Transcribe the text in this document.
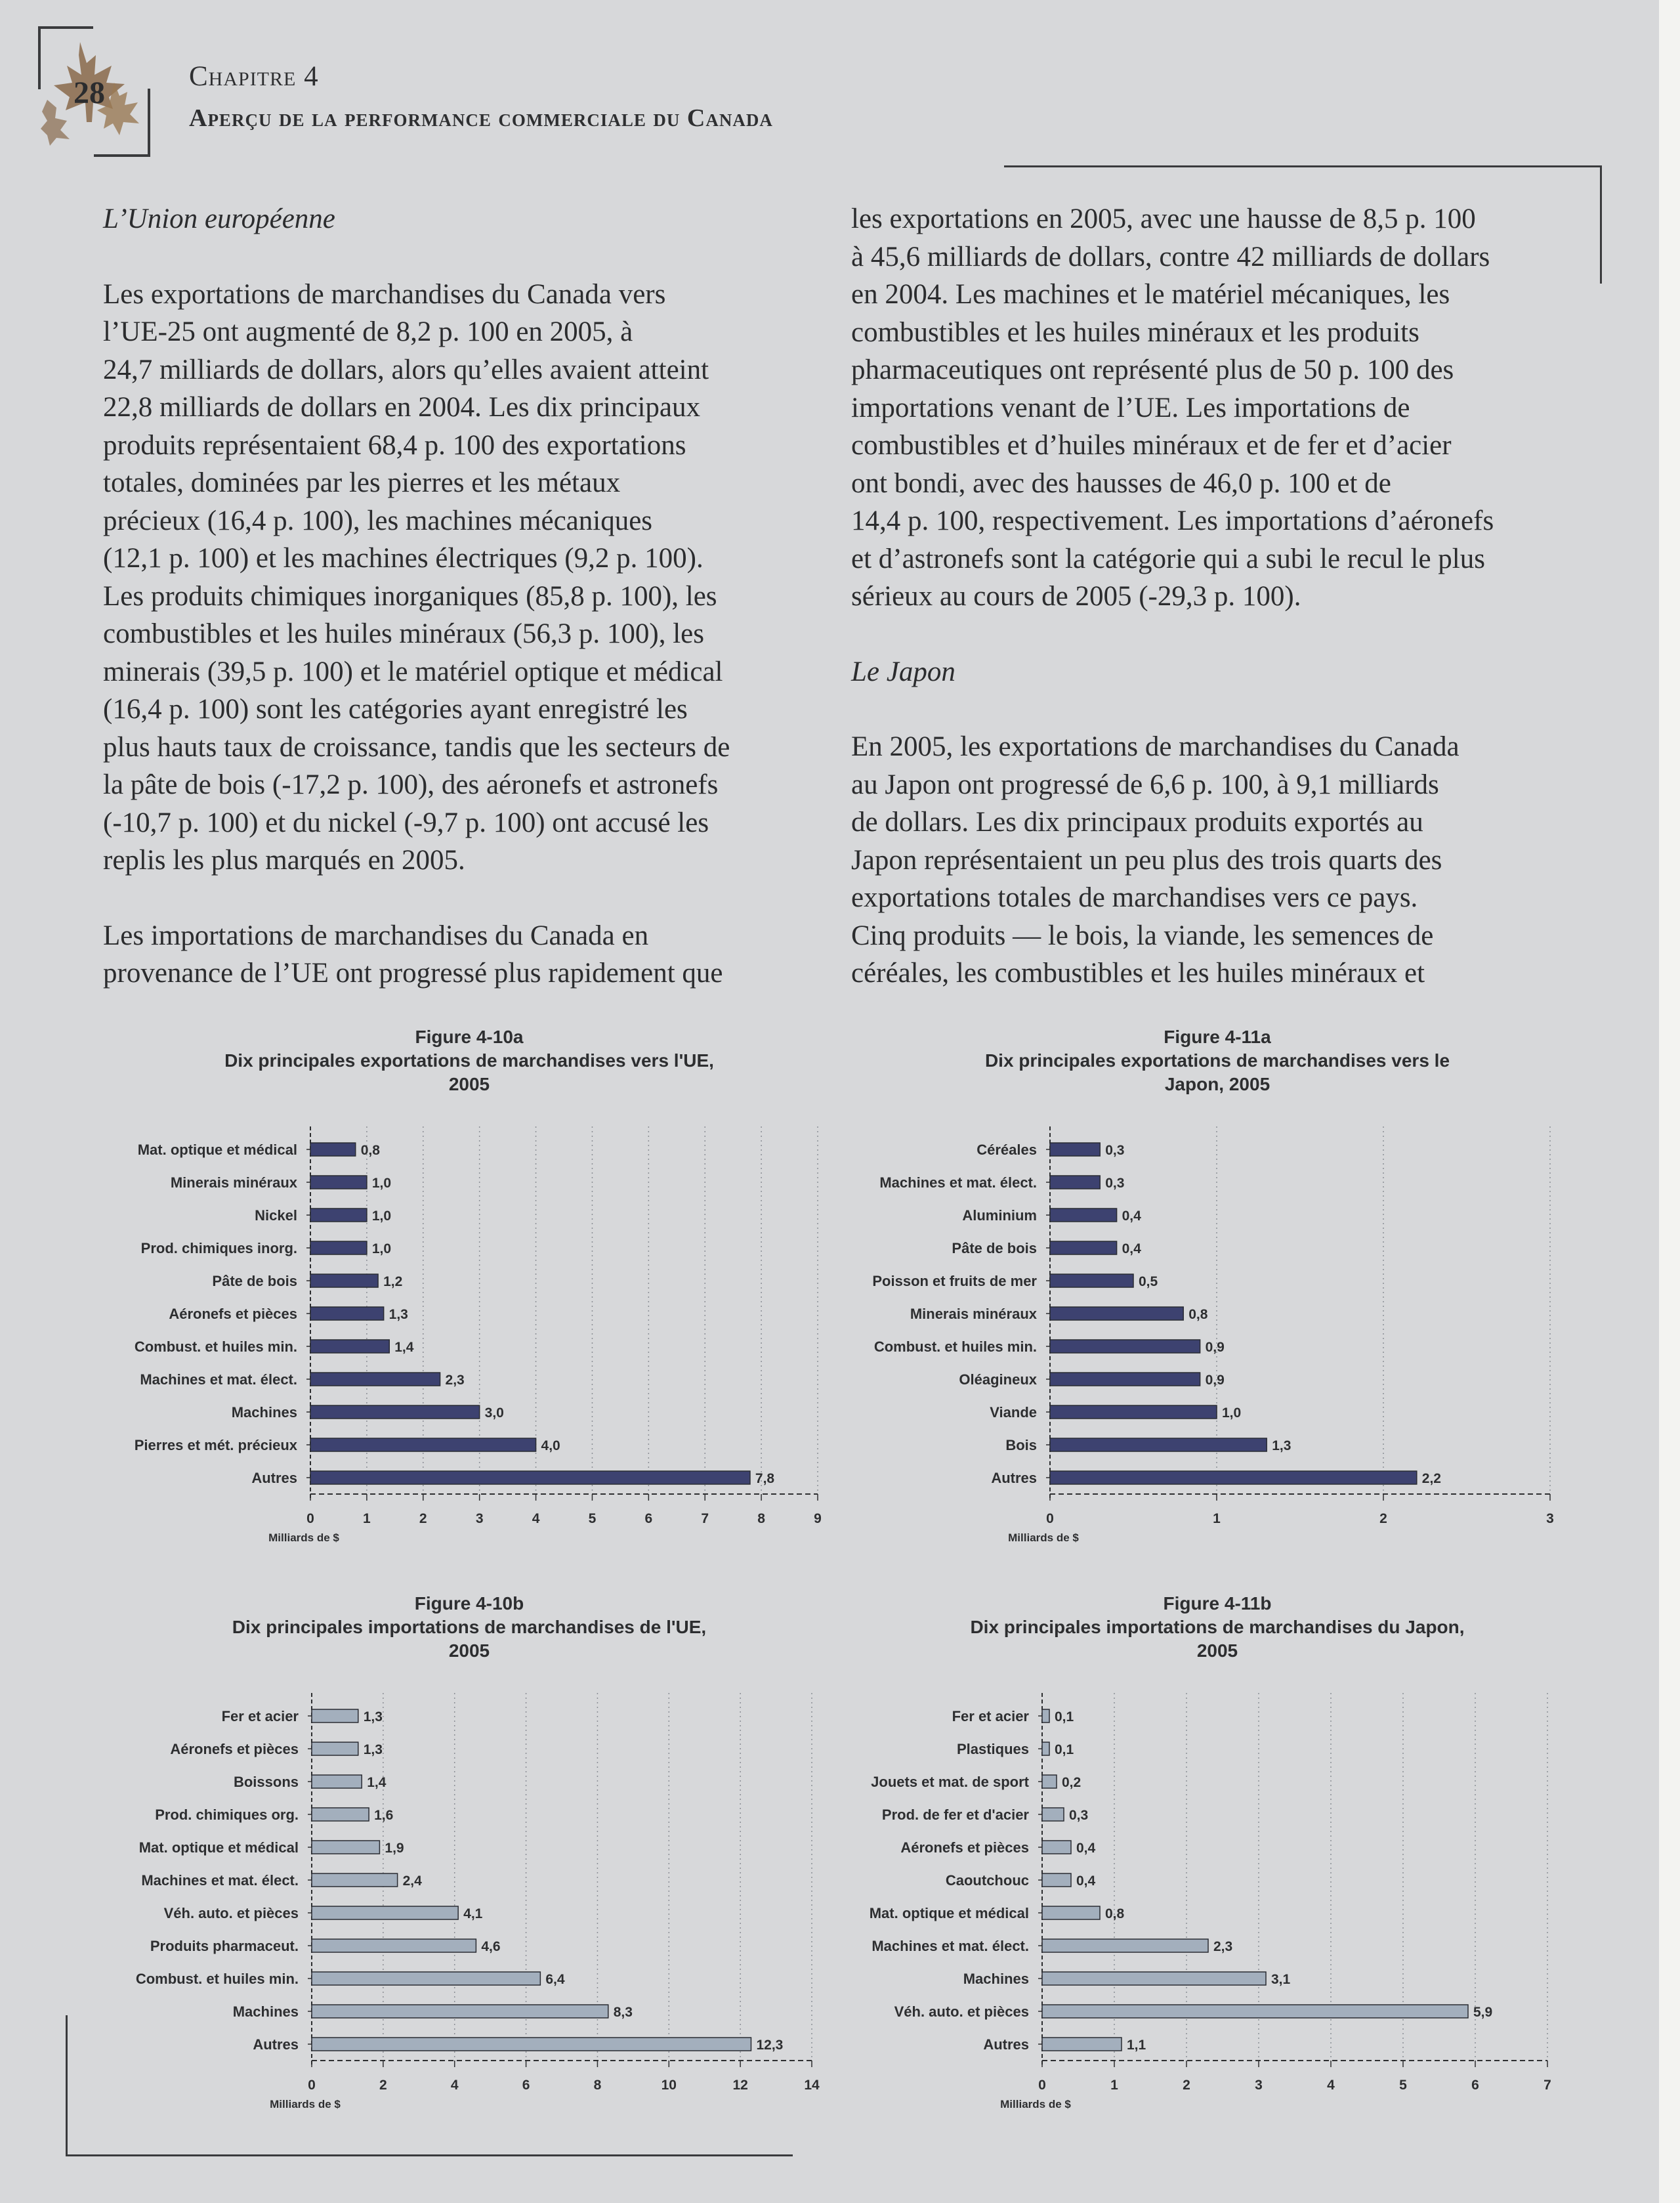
28	Chapitre 4
Aperçu de la performance commerciale du Canada

L’Union européenne

Les exportations de marchandises du Canada vers
l’UE-25 ont augmenté de 8,2 p. 100 en 2005, à
24,7 milliards de dollars, alors qu’elles avaient atteint
22,8 milliards de dollars en 2004. Les dix principaux
produits représentaient 68,4 p. 100 des exportations
totales, dominées par les pierres et les métaux
précieux (16,4 p. 100), les machines mécaniques
(12,1 p. 100) et les machines électriques (9,2 p. 100).
Les produits chimiques inorganiques (85,8 p. 100), les
combustibles et les huiles minéraux (56,3 p. 100), les
minerais (39,5 p. 100) et le matériel optique et médical
(16,4 p. 100) sont les catégories ayant enregistré les
plus hauts taux de croissance, tandis que les secteurs de
la pâte de bois (-17,2 p. 100), des aéronefs et astronefs
(-10,7 p. 100) et du nickel (-9,7 p. 100) ont accusé les
replis les plus marqués en 2005.

Les importations de marchandises du Canada en
provenance de l’UE ont progressé plus rapidement que

les exportations en 2005, avec une hausse de 8,5 p. 100
à 45,6 milliards de dollars, contre 42 milliards de dollars
en 2004. Les machines et le matériel mécaniques, les
combustibles et les huiles minéraux et les produits
pharmaceutiques ont représenté plus de 50 p. 100 des
importations venant de l’UE. Les importations de
combustibles et d’huiles minéraux et de fer et d’acier
ont bondi, avec des hausses de 46,0 p. 100 et de
14,4 p. 100, respectivement. Les importations d’aéronefs
et d’astronefs sont la catégorie qui a subi le recul le plus
sérieux au cours de 2005 (-29,3 p. 100).

Le Japon

En 2005, les exportations de marchandises du Canada
au Japon ont progressé de 6,6 p. 100, à 9,1 milliards
de dollars. Les dix principaux produits exportés au
Japon représentaient un peu plus des trois quarts des
exportations totales de marchandises vers ce pays.
Cinq produits — le bois, la viande, les semences de
céréales, les combustibles et les huiles minéraux et

Figure 4-10a
Dix principales exportations de marchandises vers l'UE,
2005
0	1	2	3	4	5	6	7	8	9
Mat. optique et médical	0,8
Minerais minéraux	1,0
Nickel	1,0
Prod. chimiques inorg.	1,0
Pâte de bois	1,2
Aéronefs et pièces	1,3
Combust. et huiles min.	1,4
Machines et mat. élect.	2,3
Machines	3,0
Pierres et mét. précieux	4,0
Autres	7,8
Milliards de $
Figure 4-11a
Dix principales exportations de marchandises vers le
Japon, 2005
0	1	2	3
Céréales	0,3
Machines et mat. élect.	0,3
Aluminium	0,4
Pâte de bois	0,4
Poisson et fruits de mer	0,5
Minerais minéraux	0,8
Combust. et huiles min.	0,9
Oléagineux	0,9
Viande	1,0
Bois	1,3
Autres	2,2
Milliards de $
Figure 4-10b
Dix principales importations de marchandises de l'UE,
2005
0	2	4	6	8	10	12	14
Fer et acier	1,3
Aéronefs et pièces	1,3
Boissons	1,4
Prod. chimiques org.	1,6
Mat. optique et médical	1,9
Machines et mat. élect.	2,4
Véh. auto. et pièces	4,1
Produits pharmaceut.	4,6
Combust. et huiles min.	6,4
Machines	8,3
Autres	12,3
Milliards de $
Figure 4-11b
Dix principales importations de marchandises du Japon,
2005
0	1	2	3	4	5	6	7
Fer et acier 0,1
Plastiques 0,1
Jouets et mat. de sport 0,2
Prod. de fer et d'acier	0,3
Aéronefs et pièces	0,4
Caoutchouc	0,4
Mat. optique et médical	0,8
Machines et mat. élect.	2,3
Machines	3,1
Véh. auto. et pièces	5,9
Autres	1,1
Milliards de $
